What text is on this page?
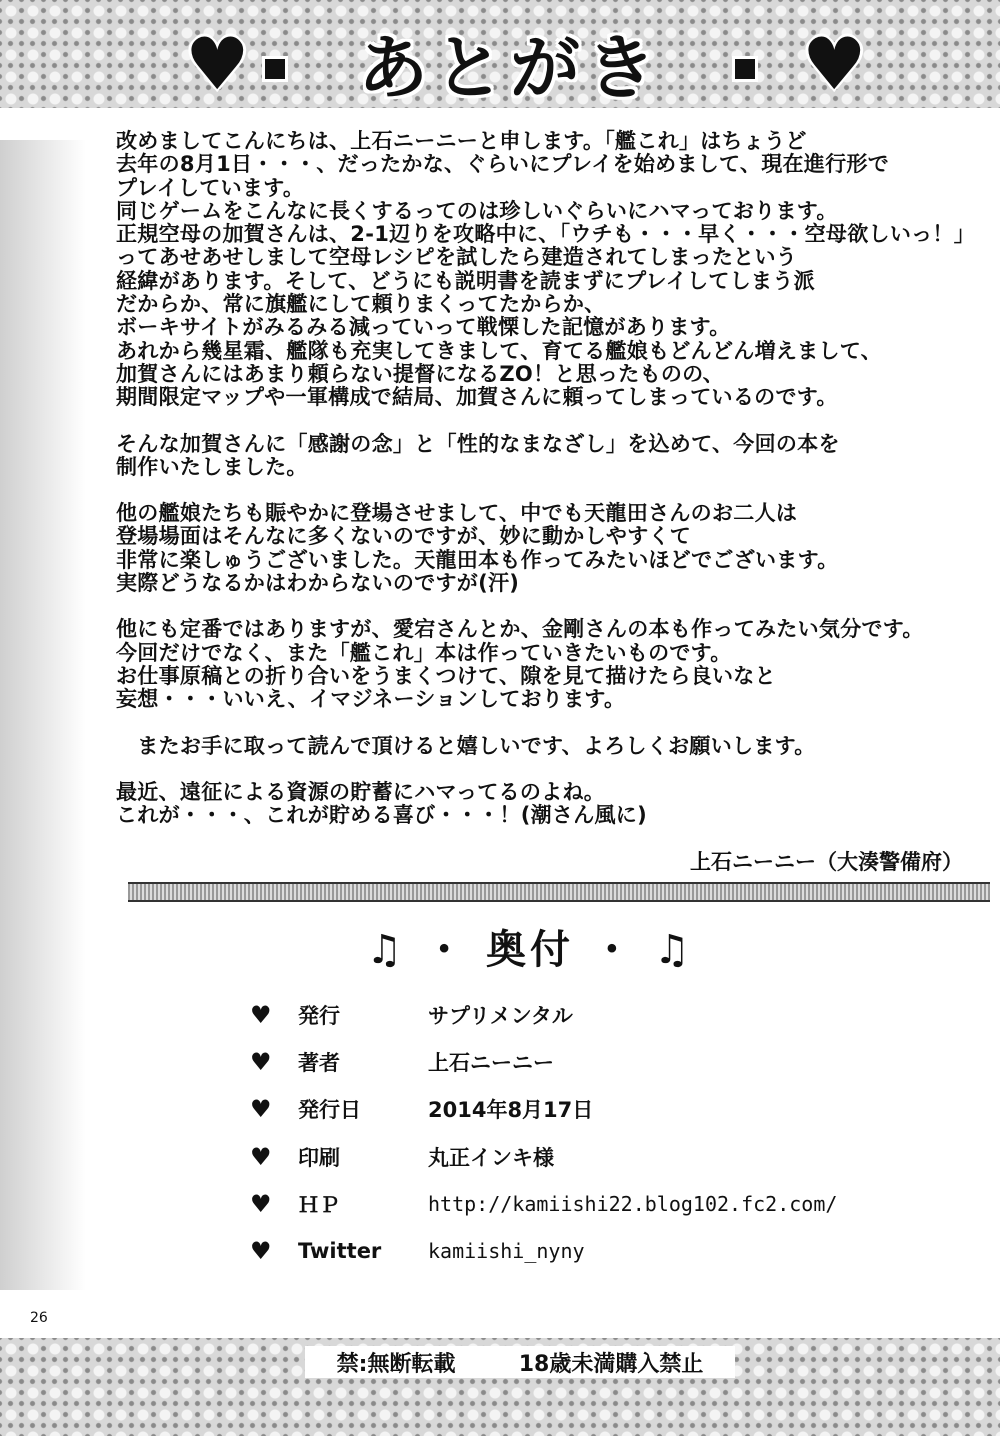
♥ あとがき ♥

改めましてこんにちは、上石ニーニーと申します。「艦これ」はちょうど

去年の8月1日・・・、だったかな、ぐらいにプレイを始めまして、現在進行形で

プレイしています。

同じゲームをこんなに長くするってのは珍しいぐらいにハマっております。

正規空母の加賀さんは、2-1辺りを攻略中に、「ウチも・・・早く・・・空母欲しいっ！」

ってあせあせしまして空母レシピを試したら建造されてしまったという

経緯があります。そして、どうにも説明書を読まずにプレイしてしまう派

だからか、常に旗艦にして頼りまくってたからか、

ボーキサイトがみるみる減っていって戦慄した記憶があります。

あれから幾星霜、艦隊も充実してきまして、育てる艦娘もどんどん増えまして、

加賀さんにはあまり頼らない提督になるZO！と思ったものの、

期間限定マップや一軍構成で結局、加賀さんに頼ってしまっているのです。

そんな加賀さんに「感謝の念」と「性的なまなざし」を込めて、今回の本を

制作いたしました。

他の艦娘たちも賑やかに登場させまして、中でも天龍田さんのお二人は

登場場面はそんなに多くないのですが、妙に動かしやすくて

非常に楽しゅうございました。天龍田本も作ってみたいほどでございます。

実際どうなるかはわからないのですが(汗)

他にも定番ではありますが、愛宕さんとか、金剛さんの本も作ってみたい気分です。

今回だけでなく、また「艦これ」本は作っていきたいものです。

お仕事原稿との折り合いをうまくつけて、隙を見て描けたら良いなと

妄想・・・いいえ、イマジネーションしております。

　またお手に取って読んで頂けると嬉しいです、よろしくお願いします。

最近、遠征による資源の貯蓄にハマってるのよね。

これが・・・、これが貯める喜び・・・！(潮さん風に)

上石ニーニー（大湊警備府）
♫ ・ 奥付 ・ ♫
♥	発行	サプリメンタル
♥	著者	上石ニーニー
♥	発行日	2014年8月17日
♥	印刷	丸正インキ様
♥	ＨＰ	http://kamiishi22.blog102.fc2.com/
♥	Twitter	kamiishi_nyny
26
禁:無断転載	18歳未満購入禁止
